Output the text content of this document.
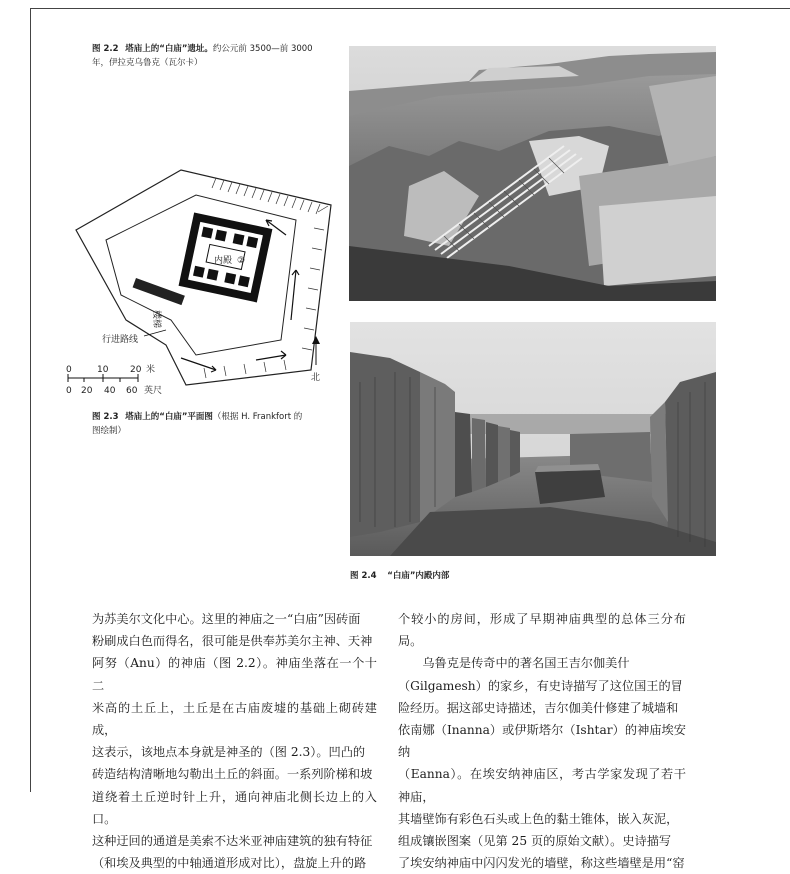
图 2.2 塔庙上的“白庙”遗址。约公元前 3500—前 3000
年，伊拉克乌鲁克（瓦尔卡）
内殿 ②
楼梯
行进路线
北
0	10 20 米
0 20 40 60 英尺
图 2.3 塔庙上的“白庙”平面图（根据 H. Frankfort 的
图绘制）
图 2.4 “白庙”内殿内部

为苏美尔文化中心。这里的神庙之一“白庙”因砖面

粉刷成白色而得名，很可能是供奉苏美尔主神、天神

阿努（Anu）的神庙（图 2.2）。神庙坐落在一个十二

米高的土丘上，土丘是在古庙废墟的基础上砌砖建成，

这表示，该地点本身就是神圣的（图 2.3）。凹凸的

砖造结构清晰地勾勒出土丘的斜面。一系列阶梯和坡

道绕着土丘逆时针上升，通向神庙北侧长边上的入口。

这种迂回的通道是美索不达米亚神庙建筑的独有特征

（和埃及典型的中轴通道形成对比），盘旋上升的路

个较小的房间，形成了早期神庙典型的总体三分布局。

　　乌鲁克是传奇中的著名国王吉尔伽美什

（Gilgamesh）的家乡，有史诗描写了这位国王的冒

险经历。据这部史诗描述，吉尔伽美什修建了城墙和

依南娜（Inanna）或伊斯塔尔（Ishtar）的神庙埃安纳

（Eanna）。在埃安纳神庙区，考古学家发现了若干神庙，

其墙壁饰有彩色石头或上色的黏土锥体，嵌入灰泥，

组成镶嵌图案（见第 25 页的原始文献）。史诗描写

了埃安纳神庙中闪闪发光的墙壁，称这些墙壁是用“窑
